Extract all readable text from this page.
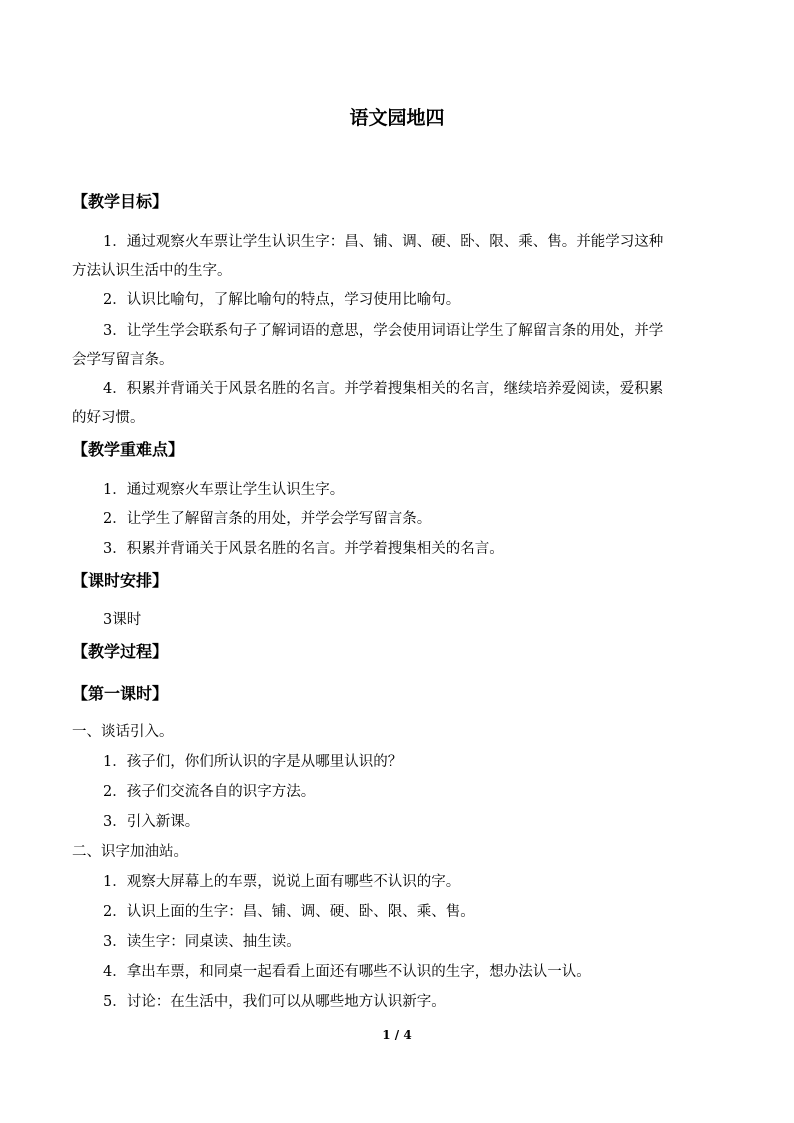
语文园地四
【教学目标】
1．通过观察火车票让学生认识生字：昌、铺、调、硬、卧、限、乘、售。并能学习这种
方法认识生活中的生字。
2．认识比喻句，了解比喻句的特点，学习使用比喻句。
3．让学生学会联系句子了解词语的意思，学会使用词语让学生了解留言条的用处，并学
会学写留言条。
4．积累并背诵关于风景名胜的名言。并学着搜集相关的名言，继续培养爱阅读，爱积累
的好习惯。
【教学重难点】
1．通过观察火车票让学生认识生字。
2．让学生了解留言条的用处，并学会学写留言条。
3．积累并背诵关于风景名胜的名言。并学着搜集相关的名言。
【课时安排】
3课时
【教学过程】
【第一课时】
一、谈话引入。
1．孩子们，你们所认识的字是从哪里认识的？
2．孩子们交流各自的识字方法。
3．引入新课。
二、识字加油站。
1．观察大屏幕上的车票，说说上面有哪些不认识的字。
2．认识上面的生字：昌、铺、调、硬、卧、限、乘、售。
3．读生字：同桌读、抽生读。
4．拿出车票，和同桌一起看看上面还有哪些不认识的生字，想办法认一认。
5．讨论：在生活中，我们可以从哪些地方认识新字。
1 / 4
